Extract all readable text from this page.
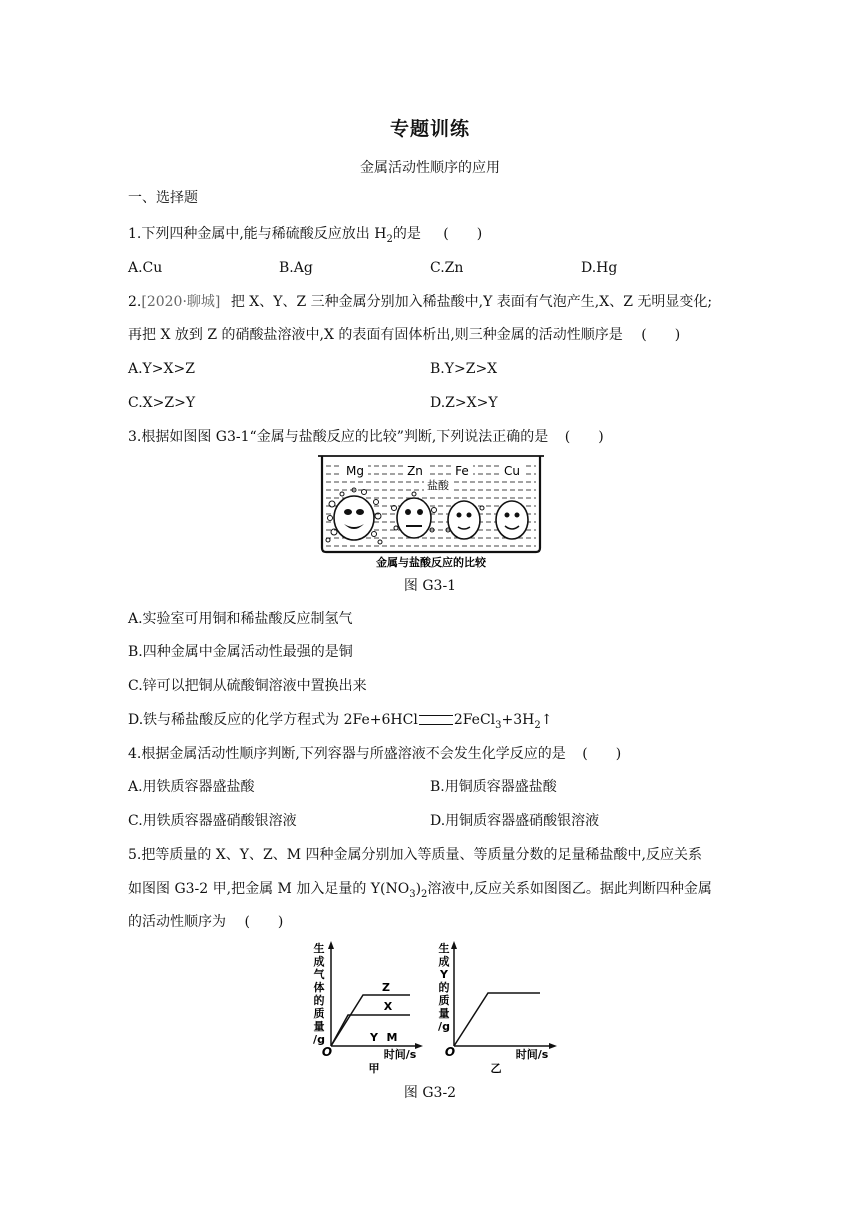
专题训练
金属活动性顺序的应用
一、选择题
1.下列四种金属中,能与稀硫酸反应放出 $H_2$的是 (　　)
A.Cu	B.Ag	C.Zn	D.Hg
2.[2020·聊城] 把 X、Y、Z 三种金属分别加入稀盐酸中,Y 表面有气泡产生,X、Z 无明显变化;
再把 X 放到 Z 的硝酸盐溶液中,X 的表面有固体析出,则三种金属的活动性顺序是 (　　)
A.Y>X>Z	B.Y>Z>X
C.X>Z>Y	D.Z>X>Y
3.根据如图图 G3-1“金属与盐酸反应的比较”判断,下列说法正确的是 (　　)
Mg	Zn	Fe	Cu
盐酸
金属与盐酸反应的比较
图 G3-1
A.实验室可用铜和稀盐酸反应制氢气
B.四种金属中金属活动性最强的是铜
C.锌可以把铜从硫酸铜溶液中置换出来
D.铁与稀盐酸反应的化学方程式为 2Fe+6HCl	$2FeCl_3+3H_2↑$
4.根据金属活动性顺序判断,下列容器与所盛溶液不会发生化学反应的是 (　　)
A.用铁质容器盛盐酸	B.用铜质容器盛盐酸
C.用铁质容器盛硝酸银溶液	D.用铜质容器盛硝酸银溶液
5.把等质量的 X、Y、Z、M 四种金属分别加入等质量、等质量分数的足量稀盐酸中,反应关系
如图图 G3-2 甲,把金属 M 加入足量的 $Y(NO_3)_2$溶液中,反应关系如图图乙。据此判断四种金属
的活动性顺序为 (　　)
生
成
气
体
的
质
量
/g
Z
X
Y M
O	时间/s
甲
生
成
Y
的
质
量
/g
O	时间/s
乙
图 G3-2
